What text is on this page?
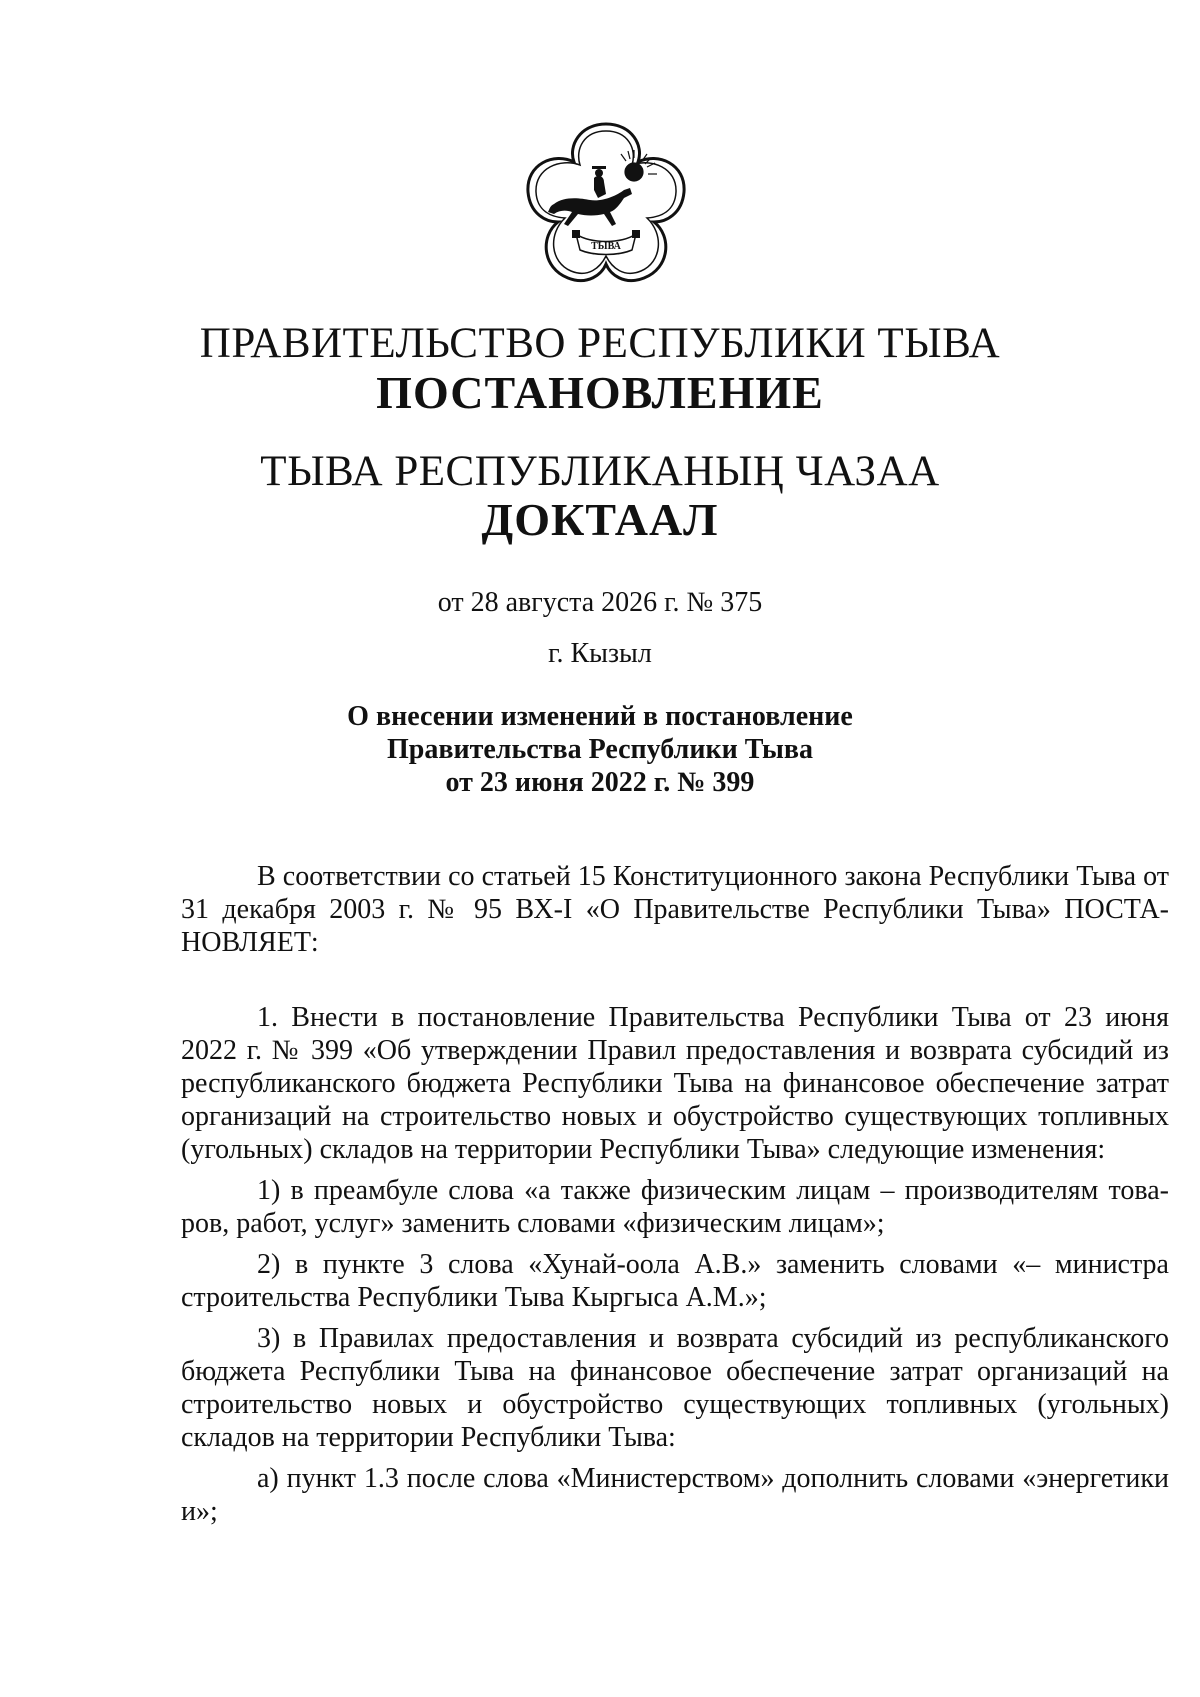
ТЫВА
ПРАВИТЕЛЬСТВО РЕСПУБЛИКИ ТЫВА
ПОСТАНОВЛЕНИЕ
ТЫВА РЕСПУБЛИКАНЫҢ ЧАЗАА
ДОКТААЛ
от 28 августа 2026 г. № 375
г. Кызыл
О внесении изменений в постановление
Правительства Республики Тыва
от 23 июня 2022 г. № 399

В соответствии со статьей 15 Конституционного закона Республики Тыва от 31 декабря 2003 г. № 95 ВХ-I «О Правительстве Республики Тыва» ПОСТАНОВЛЯЕТ:

1. Внести в постановление Правительства Республики Тыва от 23 июня 2022 г. № 399 «Об утверждении Правил предоставления и возврата субсидий из республиканского бюджета Республики Тыва на финансовое обеспечение затрат организаций на строительство новых и обустройство существующих топливных (угольных) складов на территории Республики Тыва» следующие изменения:

1) в преамбуле слова «а также физическим лицам – производителям товаров, работ, услуг» заменить словами «физическим лицам»;

2) в пункте 3 слова «Хунай-оола А.В.» заменить словами «– министра строительства Республики Тыва Кыргыса А.М.»;

3) в Правилах предоставления и возврата субсидий из республиканского бюджета Республики Тыва на финансовое обеспечение затрат организаций на строительство новых и обустройство существующих топливных (угольных) складов на территории Республики Тыва:

а) пункт 1.3 после слова «Министерством» дополнить словами «энергетики и»;
